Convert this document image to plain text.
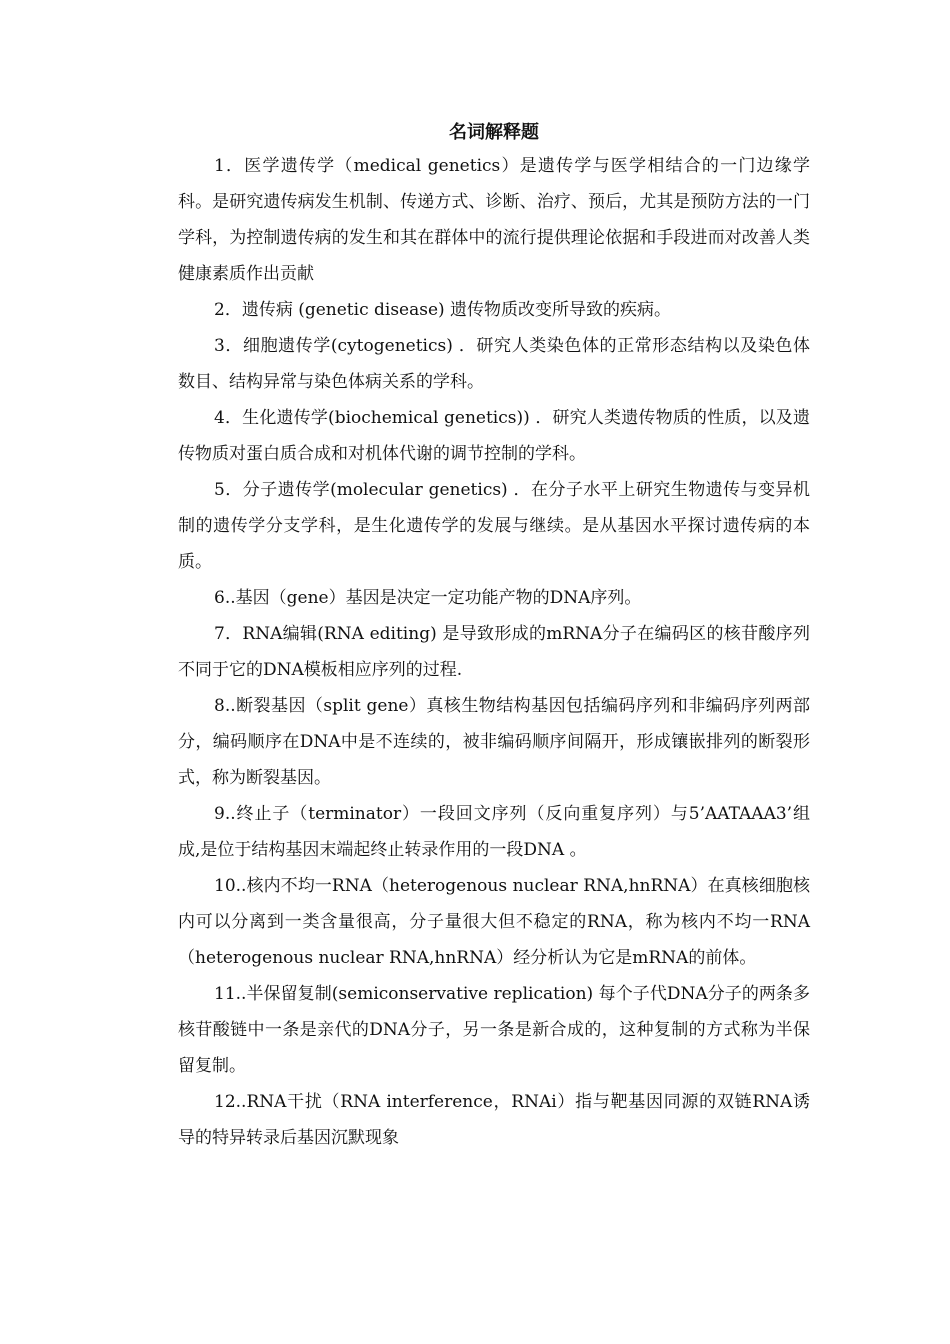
名词解释题

1．医学遗传学（medical genetics）是遗传学与医学相结合的一门边缘学科。是研究遗传病发生机制、传递方式、诊断、治疗、预后，尤其是预防方法的一门学科，为控制遗传病的发生和其在群体中的流行提供理论依据和手段进而对改善人类健康素质作出贡献

2．遗传病 (genetic disease) 遗传物质改变所导致的疾病。

3．细胞遗传学(cytogenetics) ．研究人类染色体的正常形态结构以及染色体数目、结构异常与染色体病关系的学科。

4．生化遗传学(biochemical genetics)) ．研究人类遗传物质的性质，以及遗传物质对蛋白质合成和对机体代谢的调节控制的学科。

5．分子遗传学(molecular genetics) ．在分子水平上研究生物遗传与变异机制的遗传学分支学科，是生化遗传学的发展与继续。是从基因水平探讨遗传病的本质。

6..基因（gene）基因是决定一定功能产物的DNA序列。

7．RNA编辑(RNA editing) 是导致形成的mRNA分子在编码区的核苷酸序列不同于它的DNA模板相应序列的过程.

8..断裂基因（split gene）真核生物结构基因包括编码序列和非编码序列两部分，编码顺序在DNA中是不连续的，被非编码顺序间隔开，形成镶嵌排列的断裂形式，称为断裂基因。

9..终止子（terminator）一段回文序列（反向重复序列）与5’AATAAA3’组成,是位于结构基因末端起终止转录作用的一段DNA 。

10..核内不均一RNA（heterogenous nuclear RNA,hnRNA）在真核细胞核内可以分离到一类含量很高，分子量很大但不稳定的RNA，称为核内不均一RNA（heterogenous nuclear RNA,hnRNA）经分析认为它是mRNA的前体。

11..半保留复制(semiconservative replication) 每个子代DNA分子的两条多核苷酸链中一条是亲代的DNA分子，另一条是新合成的，这种复制的方式称为半保留复制。

12..RNA干扰（RNA interference，RNAi）指与靶基因同源的双链RNA诱导的特异转录后基因沉默现象
